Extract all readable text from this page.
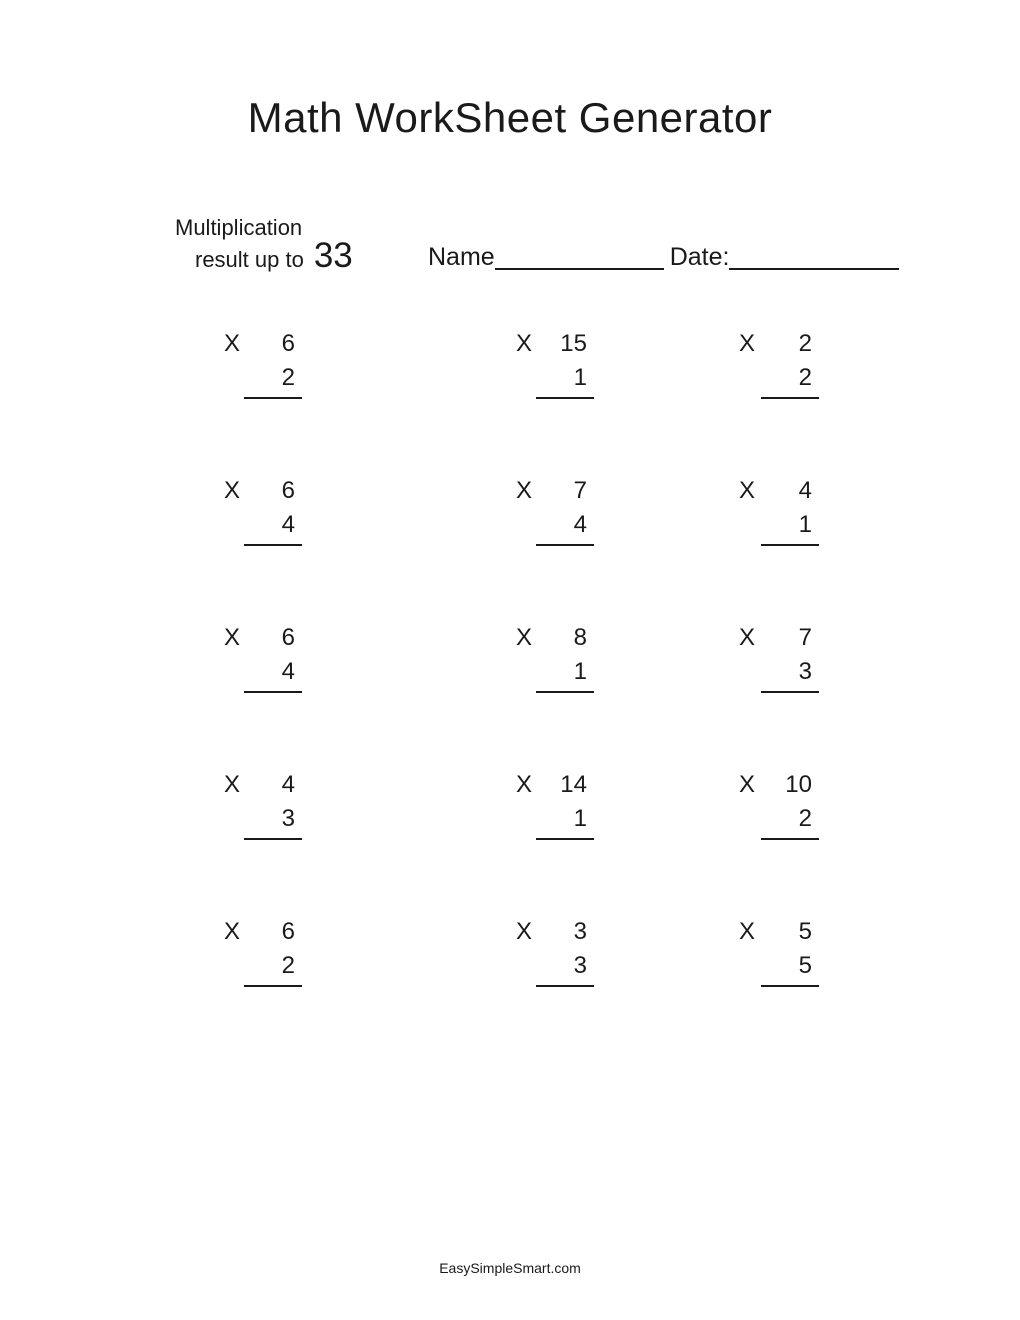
Math WorkSheet Generator
Multiplication
result up to 33	Name	Date:
X 6
2
X 15
1
X 2
2
X 6
4
X 7
4
X 4
1
X 6
4
X 8
1
X 7
3
X 4
3
X 14
1
X 10
2
X 6
2
X 3
3
X 5
5
EasySimpleSmart.com
